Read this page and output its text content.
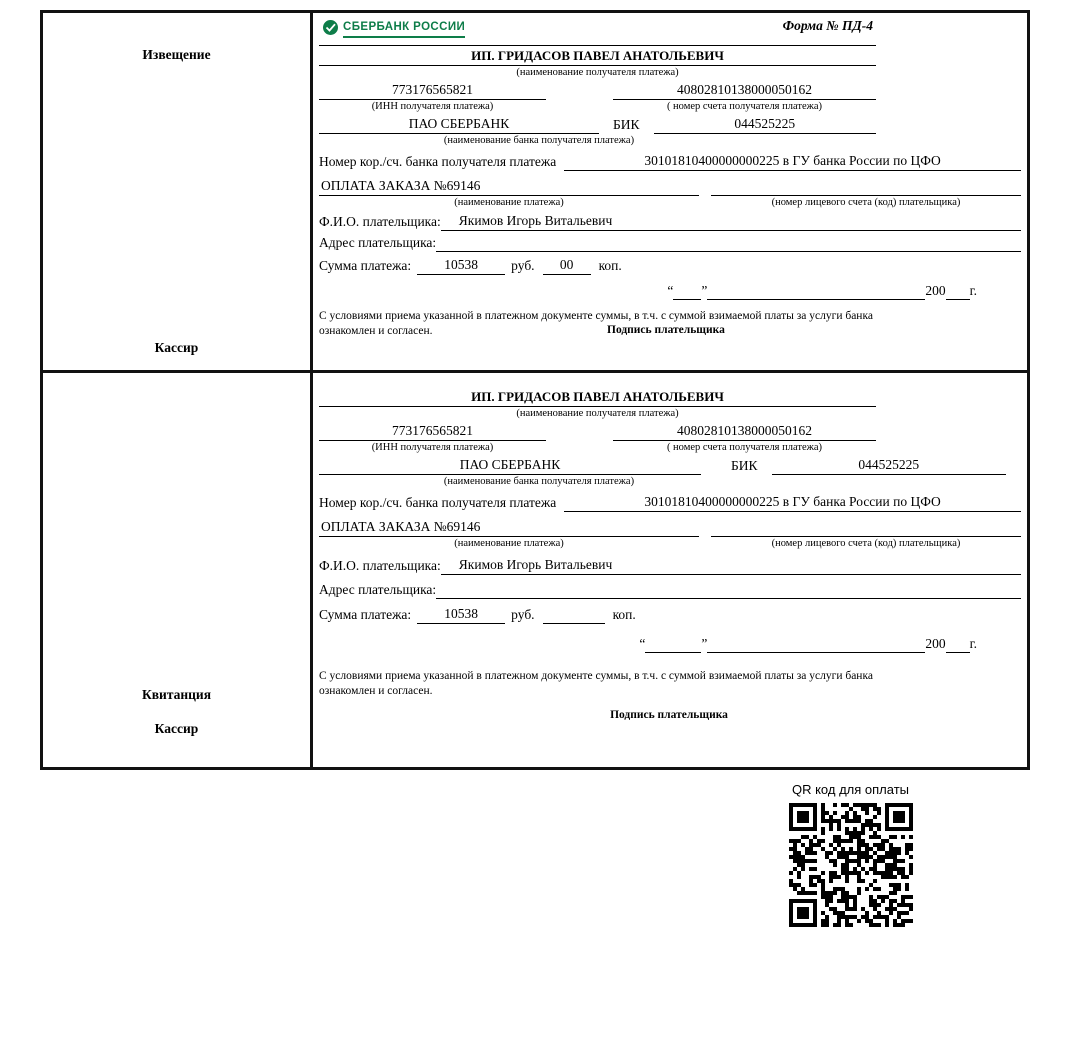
Извещение
Кассир
СБЕРБАНК РОССИИ	Форма № ПД-4
ИП. ГРИДАСОВ ПАВЕЛ АНАТОЛЬЕВИЧ
(наименование получателя платежа)
773176565821
(ИНН получателя платежа)
40802810138000050162
( номер счета получателя платежа)
ПАО СБЕРБАНК	БИК	044525225
(наименование банка получателя платежа)
Номер кор./сч. банка получателя платежа	30101810400000000225 в ГУ банка России по ЦФО
ОПЛАТА ЗАКАЗА №69146
(наименование платежа)	(номер лицевого счета (код) плательщика)
Ф.И.О. плательщика:	Якимов Игорь Витальевич
Адрес плательщика:
Сумма платежа:	10538	руб.	00	коп.
“ ”	200 г.
С условиями приема указанной в платежном документе суммы, в т.ч. с суммой взимаемой платы за услуги банка ознакомлен и согласен.	Подпись плательщика
Квитанция
Кассир
ИП. ГРИДАСОВ ПАВЕЛ АНАТОЛЬЕВИЧ
(наименование получателя платежа)
773176565821
(ИНН получателя платежа)
40802810138000050162
( номер счета получателя платежа)
ПАО СБЕРБАНК	БИК	044525225
(наименование банка получателя платежа)
Номер кор./сч. банка получателя платежа	30101810400000000225 в ГУ банка России по ЦФО
ОПЛАТА ЗАКАЗА №69146
(наименование платежа)	(номер лицевого счета (код) плательщика)
Ф.И.О. плательщика:	Якимов Игорь Витальевич
Адрес плательщика:
Сумма платежа:	10538	руб.	коп.
“	”	200 г.
С условиями приема указанной в платежном документе суммы, в т.ч. с суммой взимаемой платы за услуги банка ознакомлен и согласен.
Подпись плательщика
QR код для оплаты
